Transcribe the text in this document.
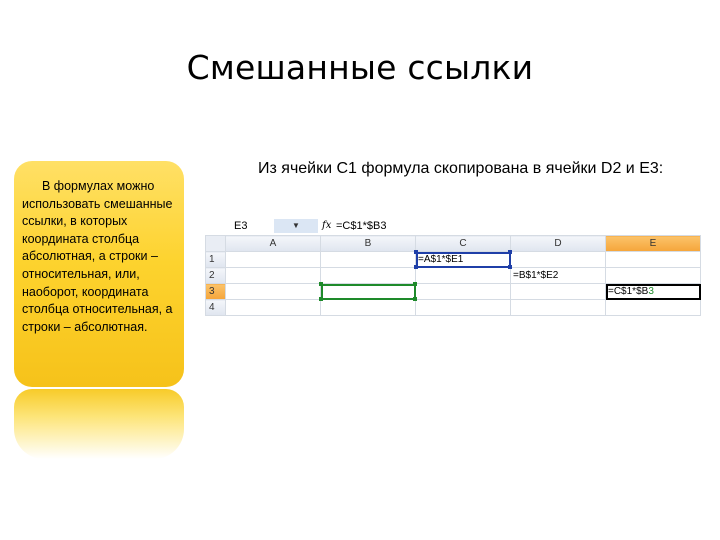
Смешанные ссылки
В формулах можно использовать смешанные ссылки, в которых координата столбца абсолютная, а строки – относительная, или, наоборот, координата столбца относительная, а строки – абсолютная.
Из ячейки С1 формула скопирована в ячейки D2 и E3:
E3	▼	fx =C$1*$B3
	A	B	C	D	E
1			=A$1*$E1

2				=B$1*$E2	
3					=C$1*$B3
4					
